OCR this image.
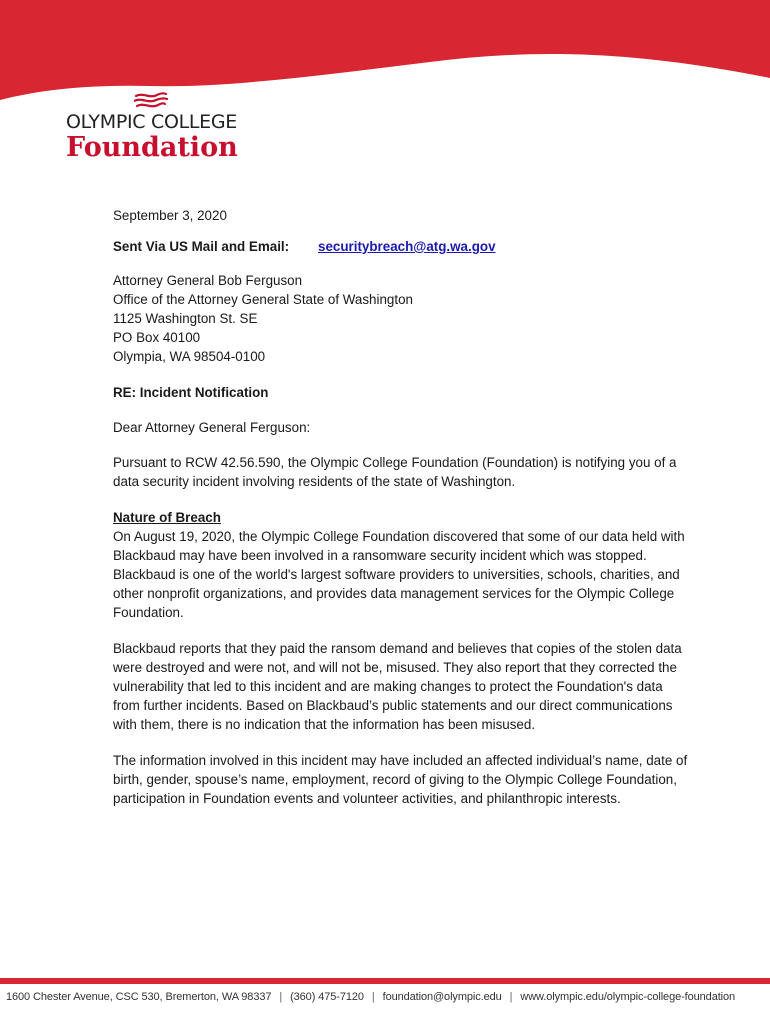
OLYMPIC COLLEGE
Foundation

September 3, 2020

Sent Via US Mail and Email: securitybreach@atg.wa.gov

Attorney General Bob Ferguson

Office of the Attorney General State of Washington

1125 Washington St. SE

PO Box 40100

Olympia, WA 98504-0100

RE: Incident Notification

Dear Attorney General Ferguson:

Pursuant to RCW 42.56.590, the Olympic College Foundation (Foundation) is notifying you of a data security incident involving residents of the state of Washington.

Nature of Breach

On August 19, 2020, the Olympic College Foundation discovered that some of our data held with Blackbaud may have been involved in a ransomware security incident which was stopped. Blackbaud is one of the world's largest software providers to universities, schools, charities, and other nonprofit organizations, and provides data management services for the Olympic College Foundation.

Blackbaud reports that they paid the ransom demand and believes that copies of the stolen data were destroyed and were not, and will not be, misused. They also report that they corrected the vulnerability that led to this incident and are making changes to protect the Foundation's data from further incidents. Based on Blackbaud’s public statements and our direct communications with them, there is no indication that the information has been misused.

The information involved in this incident may have included an affected individual’s name, date of birth, gender, spouse’s name, employment, record of giving to the Olympic College Foundation, participation in Foundation events and volunteer activities, and philanthropic interests.

1600 Chester Avenue, CSC 530, Bremerton, WA 98337 | (360) 475-7120 | foundation@olympic.edu | www.olympic.edu/olympic-college-foundation
